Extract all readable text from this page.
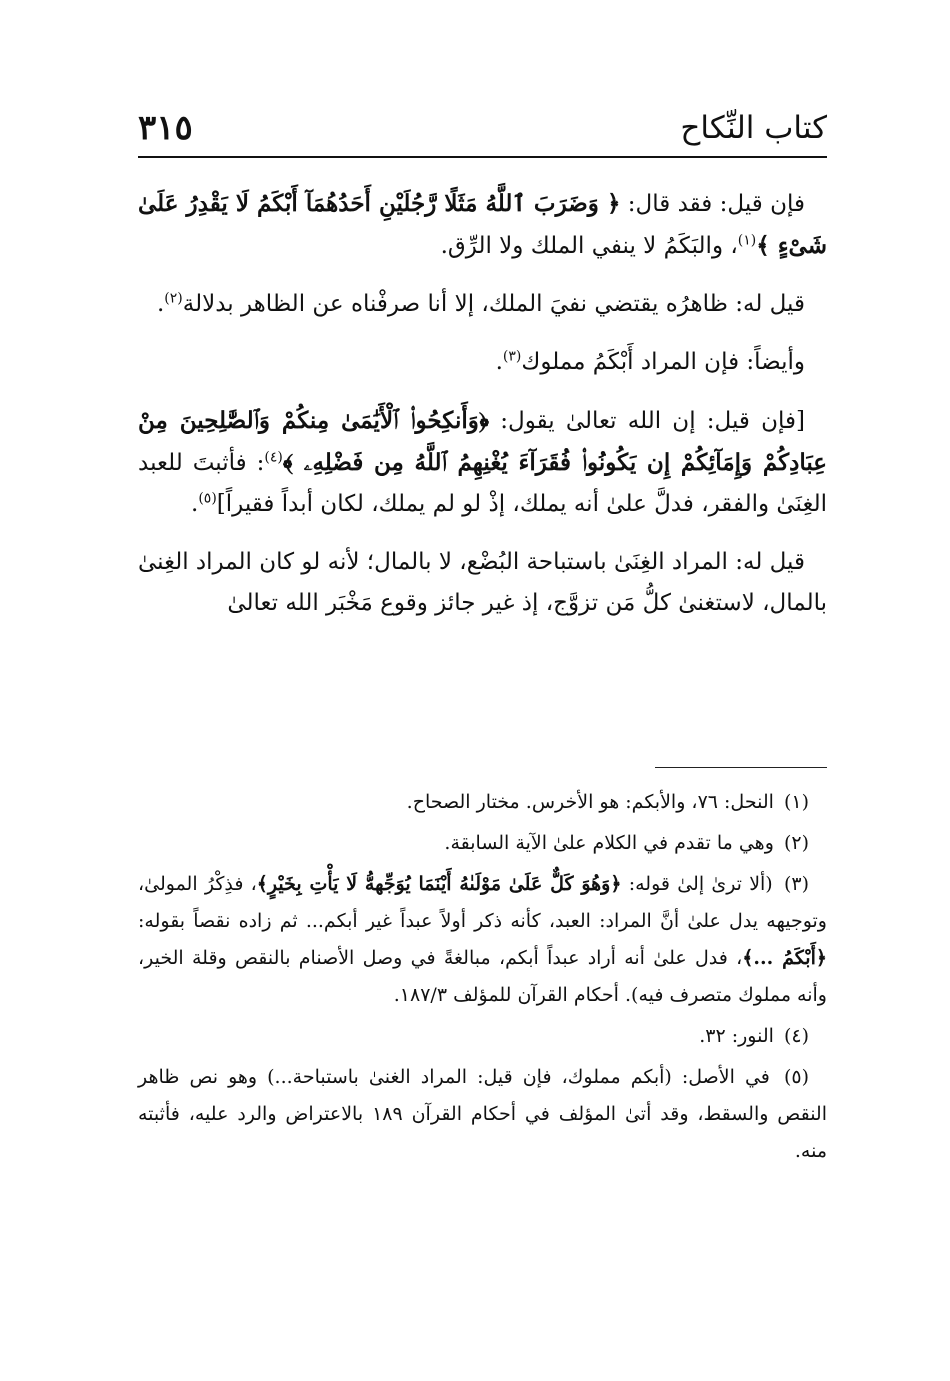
كتاب النِّكاح
٣١٥

فإن قيل: فقد قال: ﴿ وَضَرَبَ ٱللَّهُ مَثَلًا رَّجُلَيْنِ أَحَدُهُمَآ أَبْكَمُ لَا يَقْدِرُ عَلَىٰ شَىْءٍ ﴾$^{(١)}$، والبَكَمُ لا ينفي الملك ولا الرِّق.

قيل له: ظاهرُه يقتضي نفيَ الملك، إلا أنا صرفْناه عن الظاهر بدلالة$^{(٢)}$.

وأيضاً: فإن المراد أَبْكَمُ مملوك$^{(٣)}$.

[فإن قيل: إن الله تعالىٰ يقول: ﴿وَأَنكِحُوا۟ ٱلْأَيَٰمَىٰ مِنكُمْ وَٱلصَّٰلِحِينَ مِنْ عِبَادِكُمْ وَإِمَآئِكُمْ إِن يَكُونُوا۟ فُقَرَآءَ يُغْنِهِمُ ٱللَّهُ مِن فَضْلِهِۦ ﴾$^{(٤)}$: فأثبتَ للعبد الغِنَىٰ والفقر، فدلَّ علىٰ أنه يملك، إذْ لو لم يملك، لكان أبداً فقيراً]$^{(٥)}$.

قيل له: المراد الغِنَىٰ باستباحة البُضْع، لا بالمال؛ لأنه لو كان المراد الغِنىٰ بالمال، لاستغنىٰ كلُّ مَن تزوَّج، إذ غير جائز وقوع مَخْبَر الله تعالىٰ

(١) النحل: ٧٦، والأبكم: هو الأخرس. مختار الصحاح.

(٢) وهي ما تقدم في الكلام علىٰ الآية السابقة.

(٣) (ألا ترىٰ إلىٰ قوله: ﴿وَهُوَ كَلٌّ عَلَىٰ مَوْلَىٰهُ أَيْنَمَا يُوَجِّههُّ لَا يَأْتِ بِخَيْرٍ﴾، فذِكْرُ المولىٰ، وتوجيهه يدل علىٰ أنَّ المراد: العبد، كأنه ذكر أولاً عبداً غير أبكم... ثم زاده نقصاً بقوله: ﴿أَبْكَمُ ...﴾، فدل علىٰ أنه أراد عبداً أبكم، مبالغةً في وصل الأصنام بالنقص وقلة الخير، وأنه مملوك متصرف فيه). أحكام القرآن للمؤلف ١٨٧/٣.

(٤) النور: ٣٢.

(٥) في الأصل: (أبكم مملوك، فإن قيل: المراد الغنىٰ باستباحة...) وهو نص ظاهر النقص والسقط، وقد أتىٰ المؤلف في أحكام القرآن ١٨٩ بالاعتراض والرد عليه، فأثبته منه.
